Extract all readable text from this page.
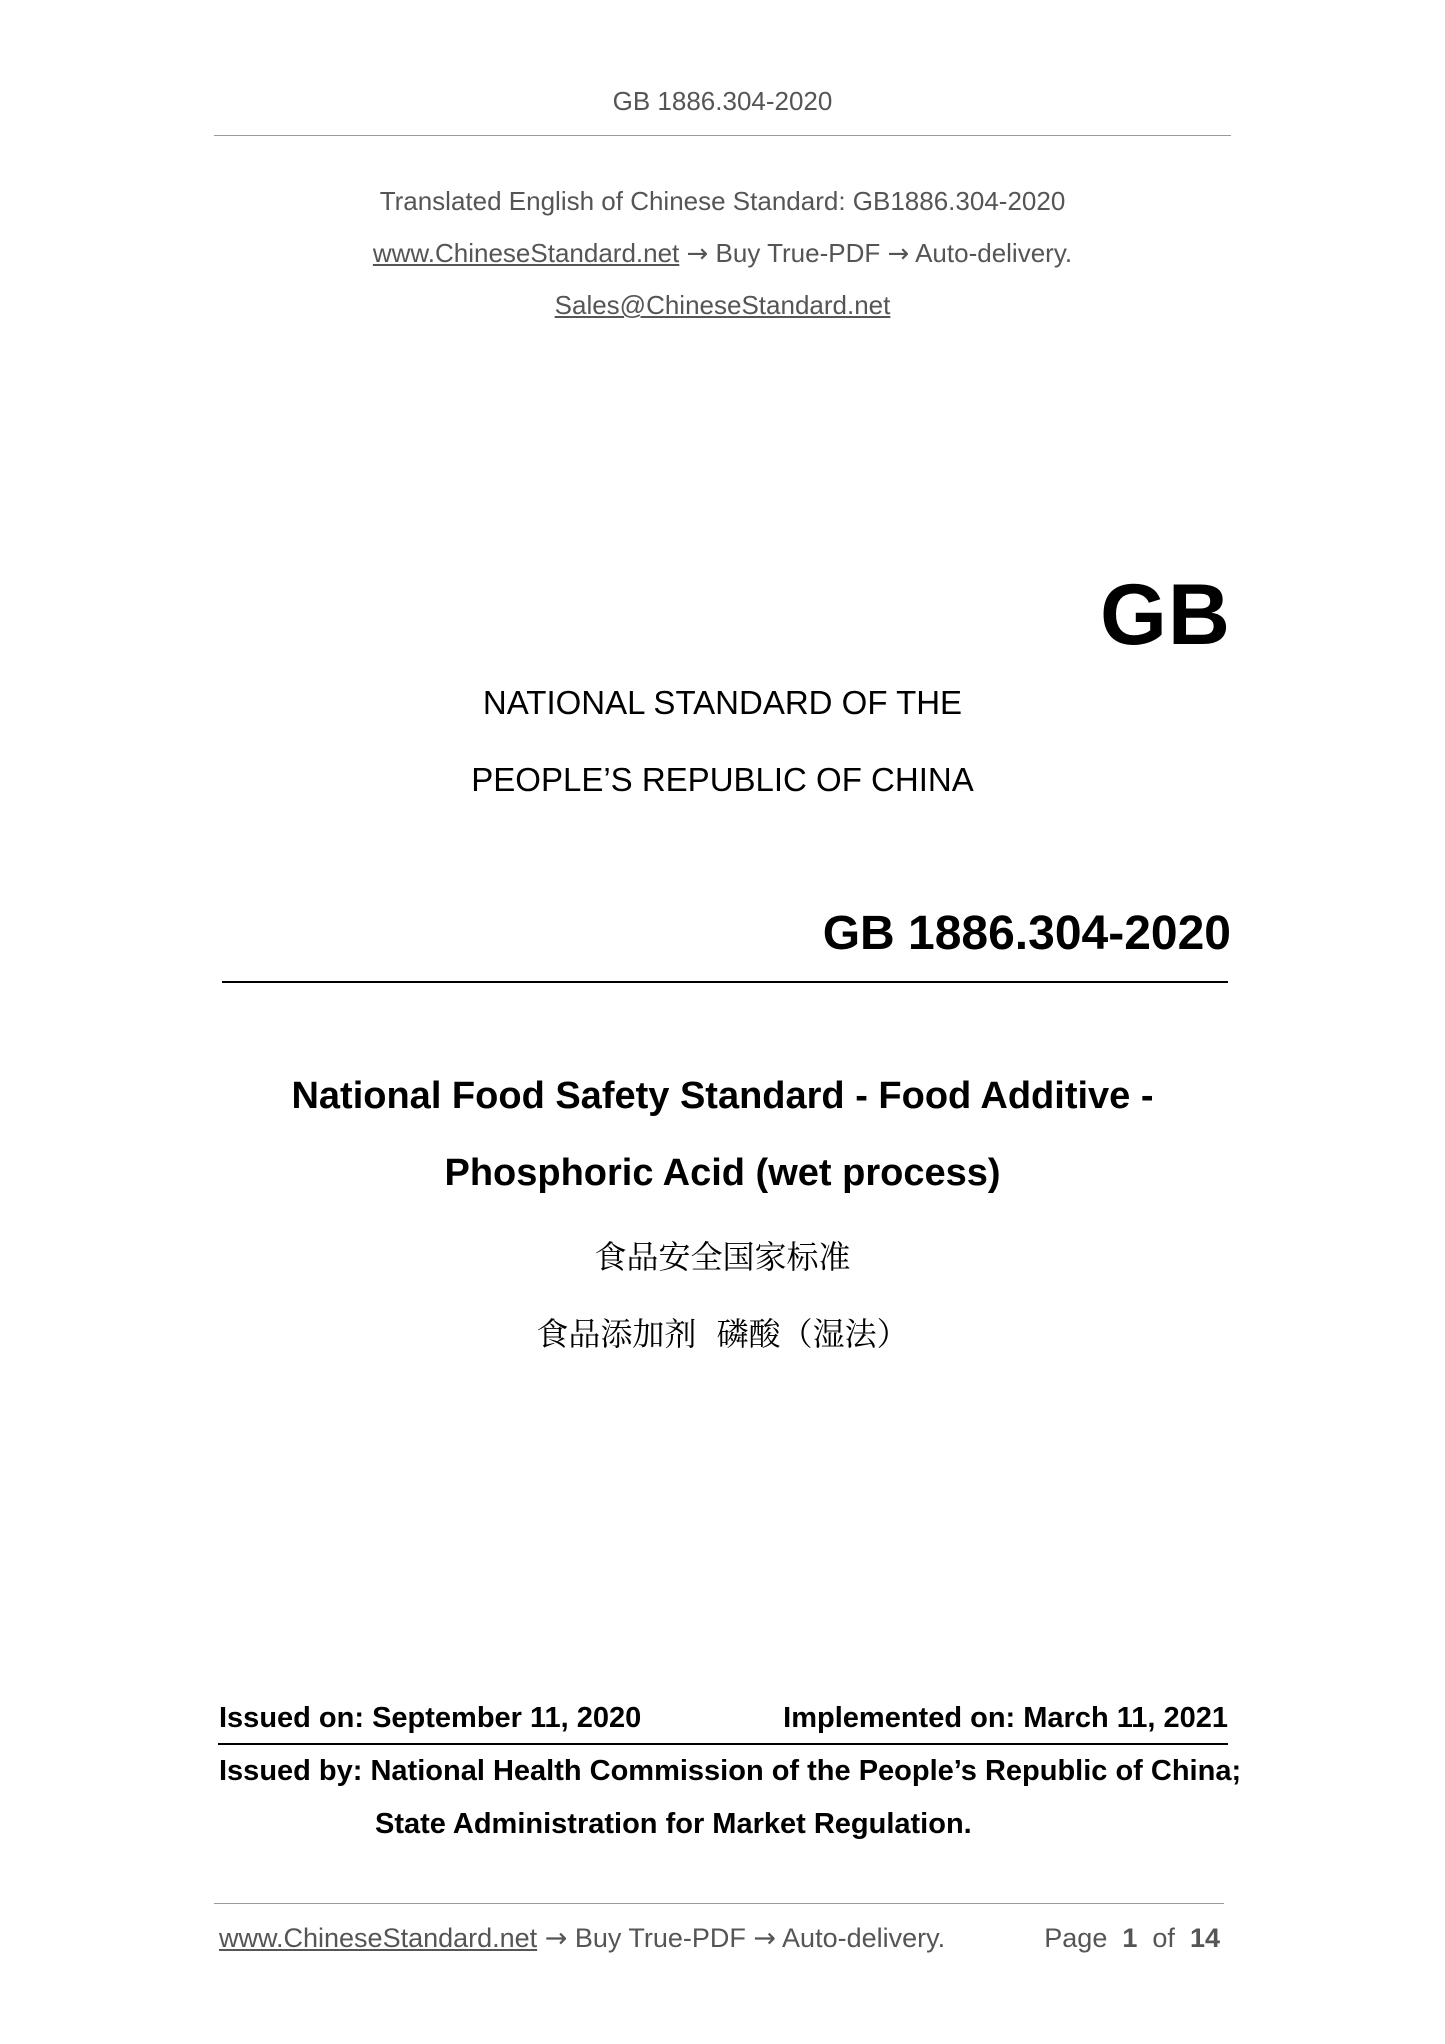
GB 1886.304-2020
Translated English of Chinese Standard: GB1886.304-2020
www.ChineseStandard.net → Buy True-PDF → Auto-delivery.
Sales@ChineseStandard.net
GB
NATIONAL STANDARD OF THE
PEOPLE’S REPUBLIC OF CHINA
GB 1886.304-2020
National Food Safety Standard - Food Additive -
Phosphoric Acid (wet process)
食品安全国家标准
食品添加剂  磷酸（湿法）
Issued on: September 11, 2020	Implemented on: March 11, 2021
Issued by: National Health Commission of the People’s Republic of China;
State Administration for Market Regulation.
www.ChineseStandard.net → Buy True-PDF → Auto-delivery.	Page 1 of 14
